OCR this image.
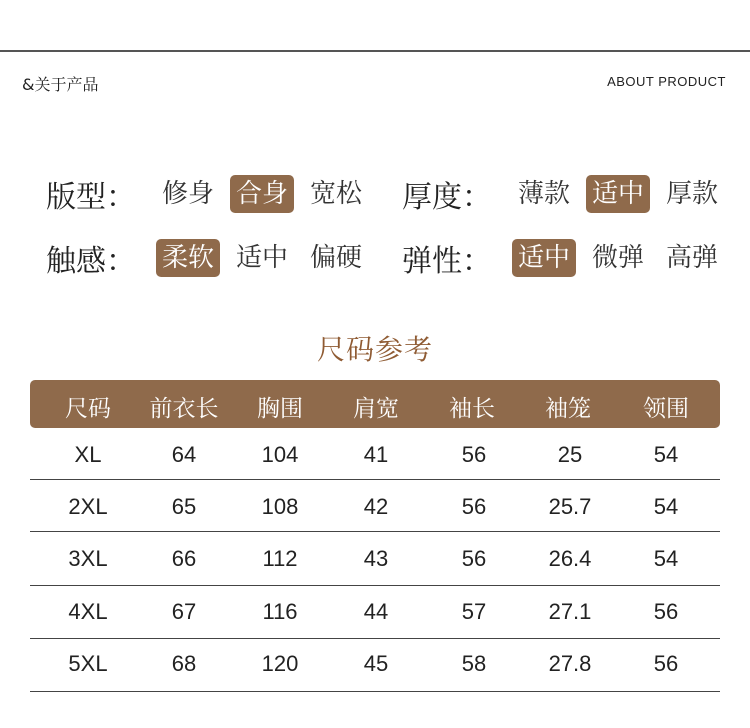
&关于产品	ABOUT PRODUCT
版型： 修身 合身 宽松 厚度： 薄款 适中 厚款
触感： 柔软 适中 偏硬 弹性： 适中 微弹 高弹
尺码参考
尺码 前衣长 胸围 肩宽 袖长 袖笼 领围
XL	64	104	41	56	25	54
2XL	65	108	42	56	25.7	54
3XL	66	112	43	56	26.4	54
4XL	67	116	44	57	27.1	56
5XL	68	120	45	58	27.8	56
